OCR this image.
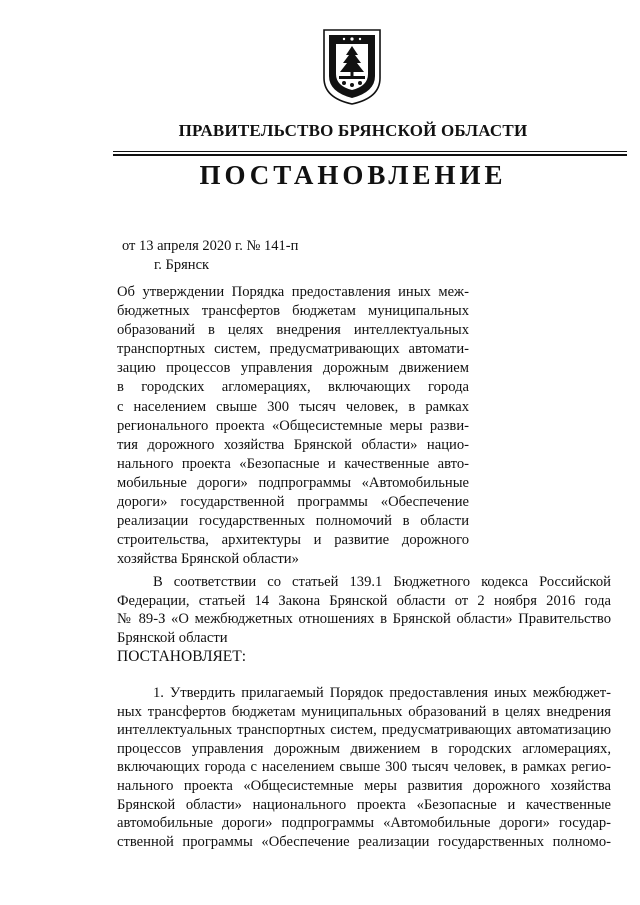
ПРАВИТЕЛЬСТВО БРЯНСКОЙ ОБЛАСТИ
ПОСТАНОВЛЕНИЕ
от 13 апреля 2020 г. № 141-п
г. Брянск
Об утверждении Порядка предоставления иных меж-
бюджетных трансфертов бюджетам муниципальных
образований в целях внедрения интеллектуальных
транспортных систем, предусматривающих автомати-
зацию процессов управления дорожным движением
в городских агломерациях, включающих города
с населением свыше 300 тысяч человек, в рамках
регионального проекта «Общесистемные меры разви-
тия дорожного хозяйства Брянской области» нацио-
нального проекта «Безопасные и качественные авто-
мобильные дороги» подпрограммы «Автомобильные
дороги» государственной программы «Обеспечение
реализации государственных полномочий в области
строительства, архитектуры и развитие дорожного
хозяйства Брянской области»
В соответствии со статьей 139.1 Бюджетного кодекса Российской
Федерации, статьей 14 Закона Брянской области от 2 ноября 2016 года
№ 89-З «О межбюджетных отношениях в Брянской области» Правительство
Брянской области
ПОСТАНОВЛЯЕТ:
1. Утвердить прилагаемый Порядок предоставления иных межбюджет-
ных трансфертов бюджетам муниципальных образований в целях внедрения
интеллектуальных транспортных систем, предусматривающих автоматизацию
процессов управления дорожным движением в городских агломерациях,
включающих города с населением свыше 300 тысяч человек, в рамках регио-
нального проекта «Общесистемные меры развития дорожного хозяйства
Брянской области» национального проекта «Безопасные и качественные
автомобильные дороги» подпрограммы «Автомобильные дороги» государ-
ственной программы «Обеспечение реализации государственных полномо-
